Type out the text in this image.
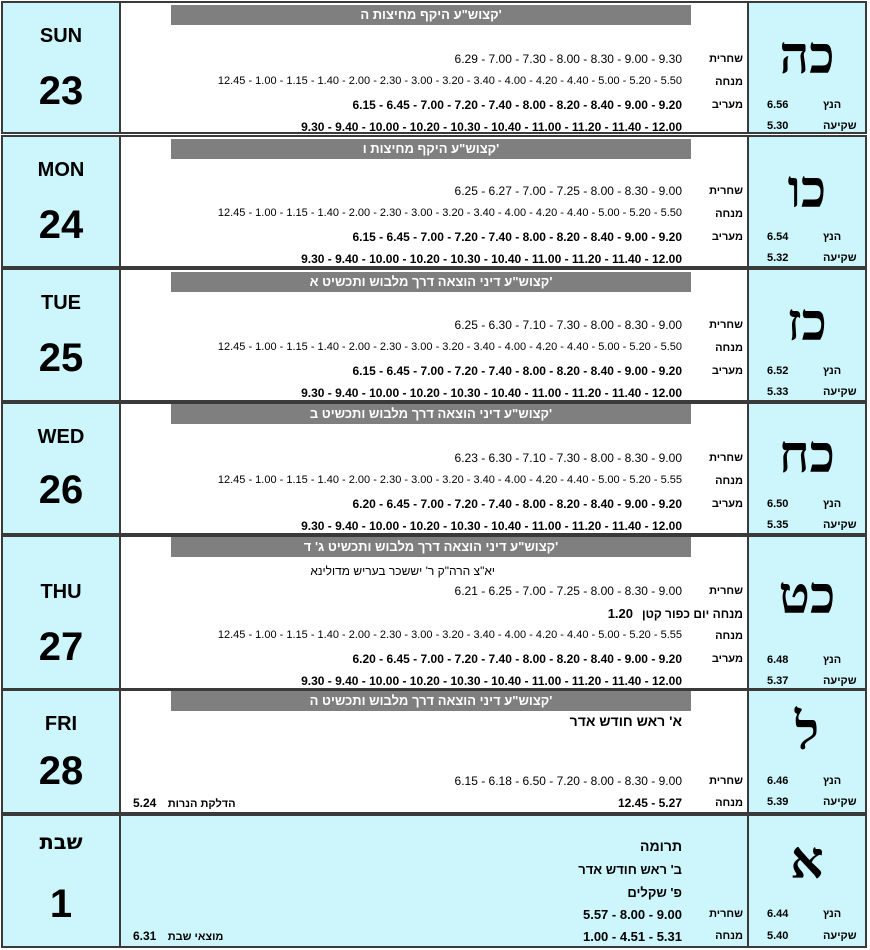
SUN
23
קצוש"ע היקף מחיצות ה'
6.29 - 7.00 - 7.30 - 8.00 - 8.30 - 9.00 - 9.30 שחרית
12.45 - 1.00 - 1.15 - 1.40 - 2.00 - 2.30 - 3.00 - 3.20 - 3.40 - 4.00 - 4.20 - 4.40 - 5.00 - 5.20 - 5.50	מנחה
6.15 - 6.45 - 7.00 - 7.20 - 7.40 - 8.00 - 8.20 - 8.40 - 9.00 - 9.20	מעריב
9.30 - 9.40 - 10.00 - 10.20 - 10.30 - 10.40 - 11.00 - 11.20 - 11.40 - 12.00
כה
6.56	הנץ
5.30	שקיעה
MON
24
קצוש"ע היקף מחיצות ו'
6.25 - 6.27 - 7.00 - 7.25 - 8.00 - 8.30 - 9.00 שחרית
12.45 - 1.00 - 1.15 - 1.40 - 2.00 - 2.30 - 3.00 - 3.20 - 3.40 - 4.00 - 4.20 - 4.40 - 5.00 - 5.20 - 5.50	מנחה
6.15 - 6.45 - 7.00 - 7.20 - 7.40 - 8.00 - 8.20 - 8.40 - 9.00 - 9.20	מעריב
9.30 - 9.40 - 10.00 - 10.20 - 10.30 - 10.40 - 11.00 - 11.20 - 11.40 - 12.00
כו
6.54	הנץ
5.32	שקיעה
TUE
25
קצוש"ע דיני הוצאה דרך מלבוש ותכשיט א'
6.25 - 6.30 - 7.10 - 7.30 - 8.00 - 8.30 - 9.00 שחרית
12.45 - 1.00 - 1.15 - 1.40 - 2.00 - 2.30 - 3.00 - 3.20 - 3.40 - 4.00 - 4.20 - 4.40 - 5.00 - 5.20 - 5.50	מנחה
6.15 - 6.45 - 7.00 - 7.20 - 7.40 - 8.00 - 8.20 - 8.40 - 9.00 - 9.20	מעריב
9.30 - 9.40 - 10.00 - 10.20 - 10.30 - 10.40 - 11.00 - 11.20 - 11.40 - 12.00
כז
6.52	הנץ
5.33	שקיעה
WED
26
קצוש"ע דיני הוצאה דרך מלבוש ותכשיט ב'
6.23 - 6.30 - 7.10 - 7.30 - 8.00 - 8.30 - 9.00 שחרית
12.45 - 1.00 - 1.15 - 1.40 - 2.00 - 2.30 - 3.00 - 3.20 - 3.40 - 4.00 - 4.20 - 4.40 - 5.00 - 5.20 - 5.55	מנחה
6.20 - 6.45 - 7.00 - 7.20 - 7.40 - 8.00 - 8.20 - 8.40 - 9.00 - 9.20	מעריב
9.30 - 9.40 - 10.00 - 10.20 - 10.30 - 10.40 - 11.00 - 11.20 - 11.40 - 12.00
כח
6.50	הנץ
5.35	שקיעה
THU
27
קצוש"ע דיני הוצאה דרך מלבוש ותכשיט ג' ד'
יא"צ הרה"ק ר' יששכר בעריש מדולינא
6.21 - 6.25 - 7.00 - 7.25 - 8.00 - 8.30 - 9.00 שחרית
מנחה יום כפור קטן
1.20
12.45 - 1.00 - 1.15 - 1.40 - 2.00 - 2.30 - 3.00 - 3.20 - 3.40 - 4.00 - 4.20 - 4.40 - 5.00 - 5.20 - 5.55	מנחה
6.20 - 6.45 - 7.00 - 7.20 - 7.40 - 8.00 - 8.20 - 8.40 - 9.00 - 9.20	מעריב
9.30 - 9.40 - 10.00 - 10.20 - 10.30 - 10.40 - 11.00 - 11.20 - 11.40 - 12.00
כט
6.48	הנץ
5.37	שקיעה
FRI
28
קצוש"ע דיני הוצאה דרך מלבוש ותכשיט ה'
א' ראש חודש אדר
6.15 - 6.18 - 6.50 - 7.20 - 8.00 - 8.30 - 9.00 שחרית
12.45 - 5.27	מנחה
5.24 הדלקת הנרות
ל
6.46	הנץ
5.39	שקיעה
שבת
1
תרומה
ב' ראש חודש אדר
פ' שקלים
5.57 - 8.00 - 9.00 שחרית
1.00 - 4.51 - 5.31	מנחה
6.31 מוצאי שבת
א
6.44	הנץ
5.40	שקיעה
